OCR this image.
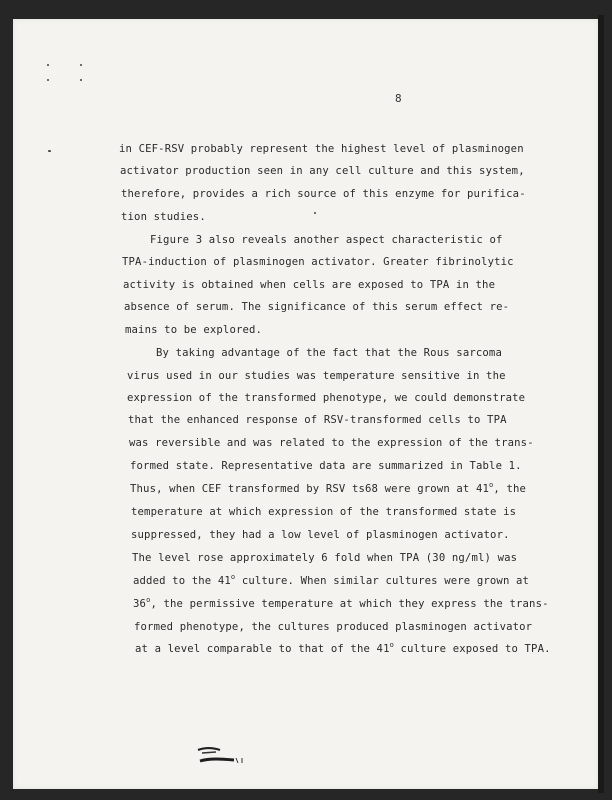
8
in CEF-RSV probably represent the highest level of plasminogen
activator production seen in any cell culture and this system,
therefore, provides a rich source of this enzyme for purifica-
tion studies.
Figure 3 also reveals another aspect characteristic of
TPA-induction of plasminogen activator. Greater fibrinolytic
activity is obtained when cells are exposed to TPA in the
absence of serum. The significance of this serum effect re-
mains to be explored.
By taking advantage of the fact that the Rous sarcoma
virus used in our studies was temperature sensitive in the
expression of the transformed phenotype, we could demonstrate
that the enhanced response of RSV-transformed cells to TPA
was reversible and was related to the expression of the trans-
formed state. Representative data are summarized in Table 1.
Thus, when CEF transformed by RSV ts68 were grown at 41$^o$, the
temperature at which expression of the transformed state is
suppressed, they had a low level of plasminogen activator.
The level rose approximately 6 fold when TPA (30 ng/ml) was
added to the 41$^o$ culture. When similar cultures were grown at
36$^o$, the permissive temperature at which they express the trans-
formed phenotype, the cultures produced plasminogen activator
at a level comparable to that of the 41$^o$ culture exposed to TPA.
